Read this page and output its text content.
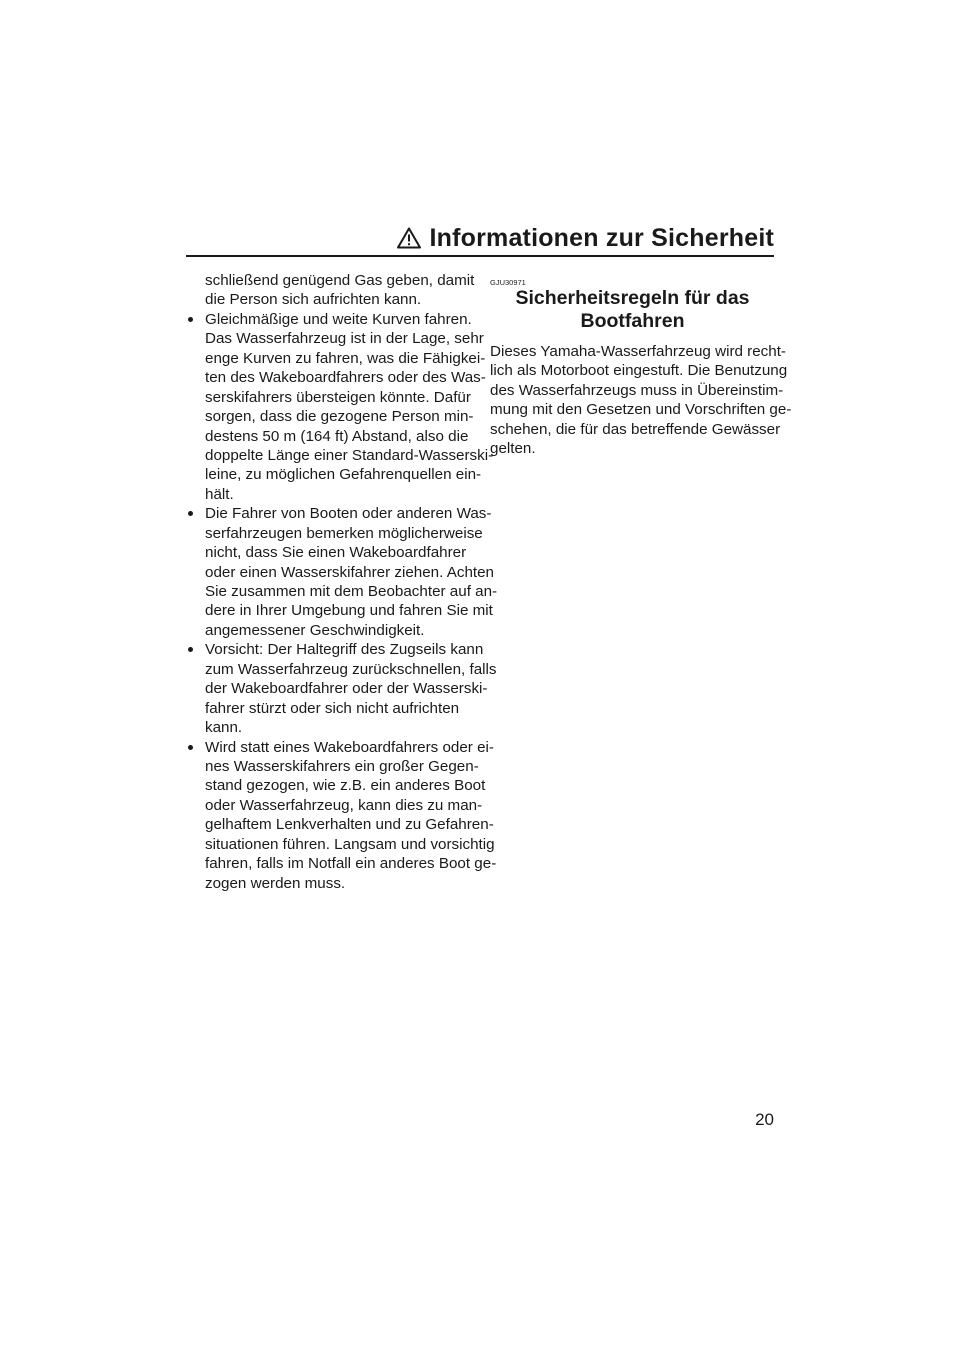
Informationen zur Sicherheit
schließend genügend Gas geben, damit
die Person sich aufrichten kann.
Gleichmäßige und weite Kurven fahren.
Das Wasserfahrzeug ist in der Lage, sehr
enge Kurven zu fahren, was die Fähigkei-
ten des Wakeboardfahrers oder des Was-
serskifahrers übersteigen könnte. Dafür
sorgen, dass die gezogene Person min-
destens 50 m (164 ft) Abstand, also die
doppelte Länge einer Standard-Wasserski-
leine, zu möglichen Gefahrenquellen ein-
hält.
Die Fahrer von Booten oder anderen Was-
serfahrzeugen bemerken möglicherweise
nicht, dass Sie einen Wakeboardfahrer
oder einen Wasserskifahrer ziehen. Achten
Sie zusammen mit dem Beobachter auf an-
dere in Ihrer Umgebung und fahren Sie mit
angemessener Geschwindigkeit.
Vorsicht: Der Haltegriff des Zugseils kann
zum Wasserfahrzeug zurückschnellen, falls
der Wakeboardfahrer oder der Wasserski-
fahrer stürzt oder sich nicht aufrichten
kann.
Wird statt eines Wakeboardfahrers oder ei-
nes Wasserskifahrers ein großer Gegen-
stand gezogen, wie z.B. ein anderes Boot
oder Wasserfahrzeug, kann dies zu man-
gelhaftem Lenkverhalten und zu Gefahren-
situationen führen. Langsam und vorsichtig
fahren, falls im Notfall ein anderes Boot ge-
zogen werden muss.
GJU30971
Sicherheitsregeln für das
Bootfahren
Dieses Yamaha-Wasserfahrzeug wird recht-
lich als Motorboot eingestuft. Die Benutzung
des Wasserfahrzeugs muss in Übereinstim-
mung mit den Gesetzen und Vorschriften ge-
schehen, die für das betreffende Gewässer
gelten.
20
